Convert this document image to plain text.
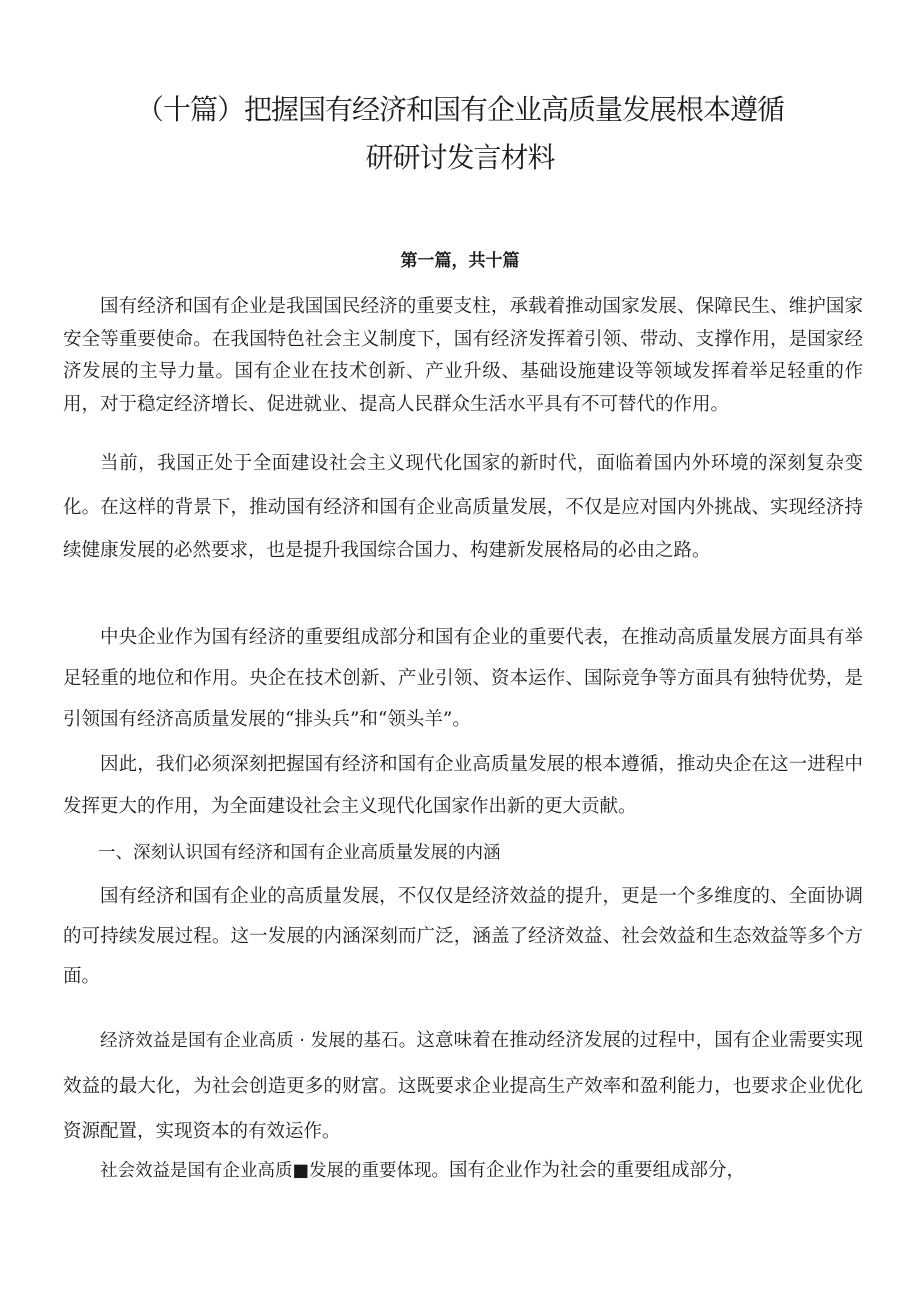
（十篇）把握国有经济和国有企业高质量发展根本遵循
研研讨发言材料
第一篇，共十篇

国有经济和国有企业是我国国民经济的重要支柱，承载着推动国家发展、保障民生、维护国家安全等重要使命。在我国特色社会主义制度下，国有经济发挥着引领、带动、支撑作用，是国家经济发展的主导力量。国有企业在技术创新、产业升级、基础设施建设等领域发挥着举足轻重的作用，对于稳定经济增长、促进就业、提高人民群众生活水平具有不可替代的作用。

当前，我国正处于全面建设社会主义现代化国家的新时代，面临着国内外环境的深刻复杂变化。在这样的背景下，推动国有经济和国有企业高质量发展，不仅是应对国内外挑战、实现经济持续健康发展的必然要求，也是提升我国综合国力、构建新发展格局的必由之路。

中央企业作为国有经济的重要组成部分和国有企业的重要代表，在推动高质量发展方面具有举足轻重的地位和作用。央企在技术创新、产业引领、资本运作、国际竞争等方面具有独特优势，是引领国有经济高质量发展的“排头兵”和“领头羊”。

因此，我们必须深刻把握国有经济和国有企业高质量发展的根本遵循，推动央企在这一进程中发挥更大的作用，为全面建设社会主义现代化国家作出新的更大贡献。

一、深刻认识国有经济和国有企业高质量发展的内涵

国有经济和国有企业的高质量发展，不仅仅是经济效益的提升，更是一个多维度的、全面协调的可持续发展过程。这一发展的内涵深刻而广泛，涵盖了经济效益、社会效益和生态效益等多个方面。

经济效益是国有企业高质 · 发展的基石。这意味着在推动经济发展的过程中，国有企业需要实现效益的最大化，为社会创造更多的财富。这既要求企业提高生产效率和盈利能力，也要求企业优化资源配置，实现资本的有效运作。

社会效益是国有企业高质■发展的重要体现。国有企业作为社会的重要组成部分，
